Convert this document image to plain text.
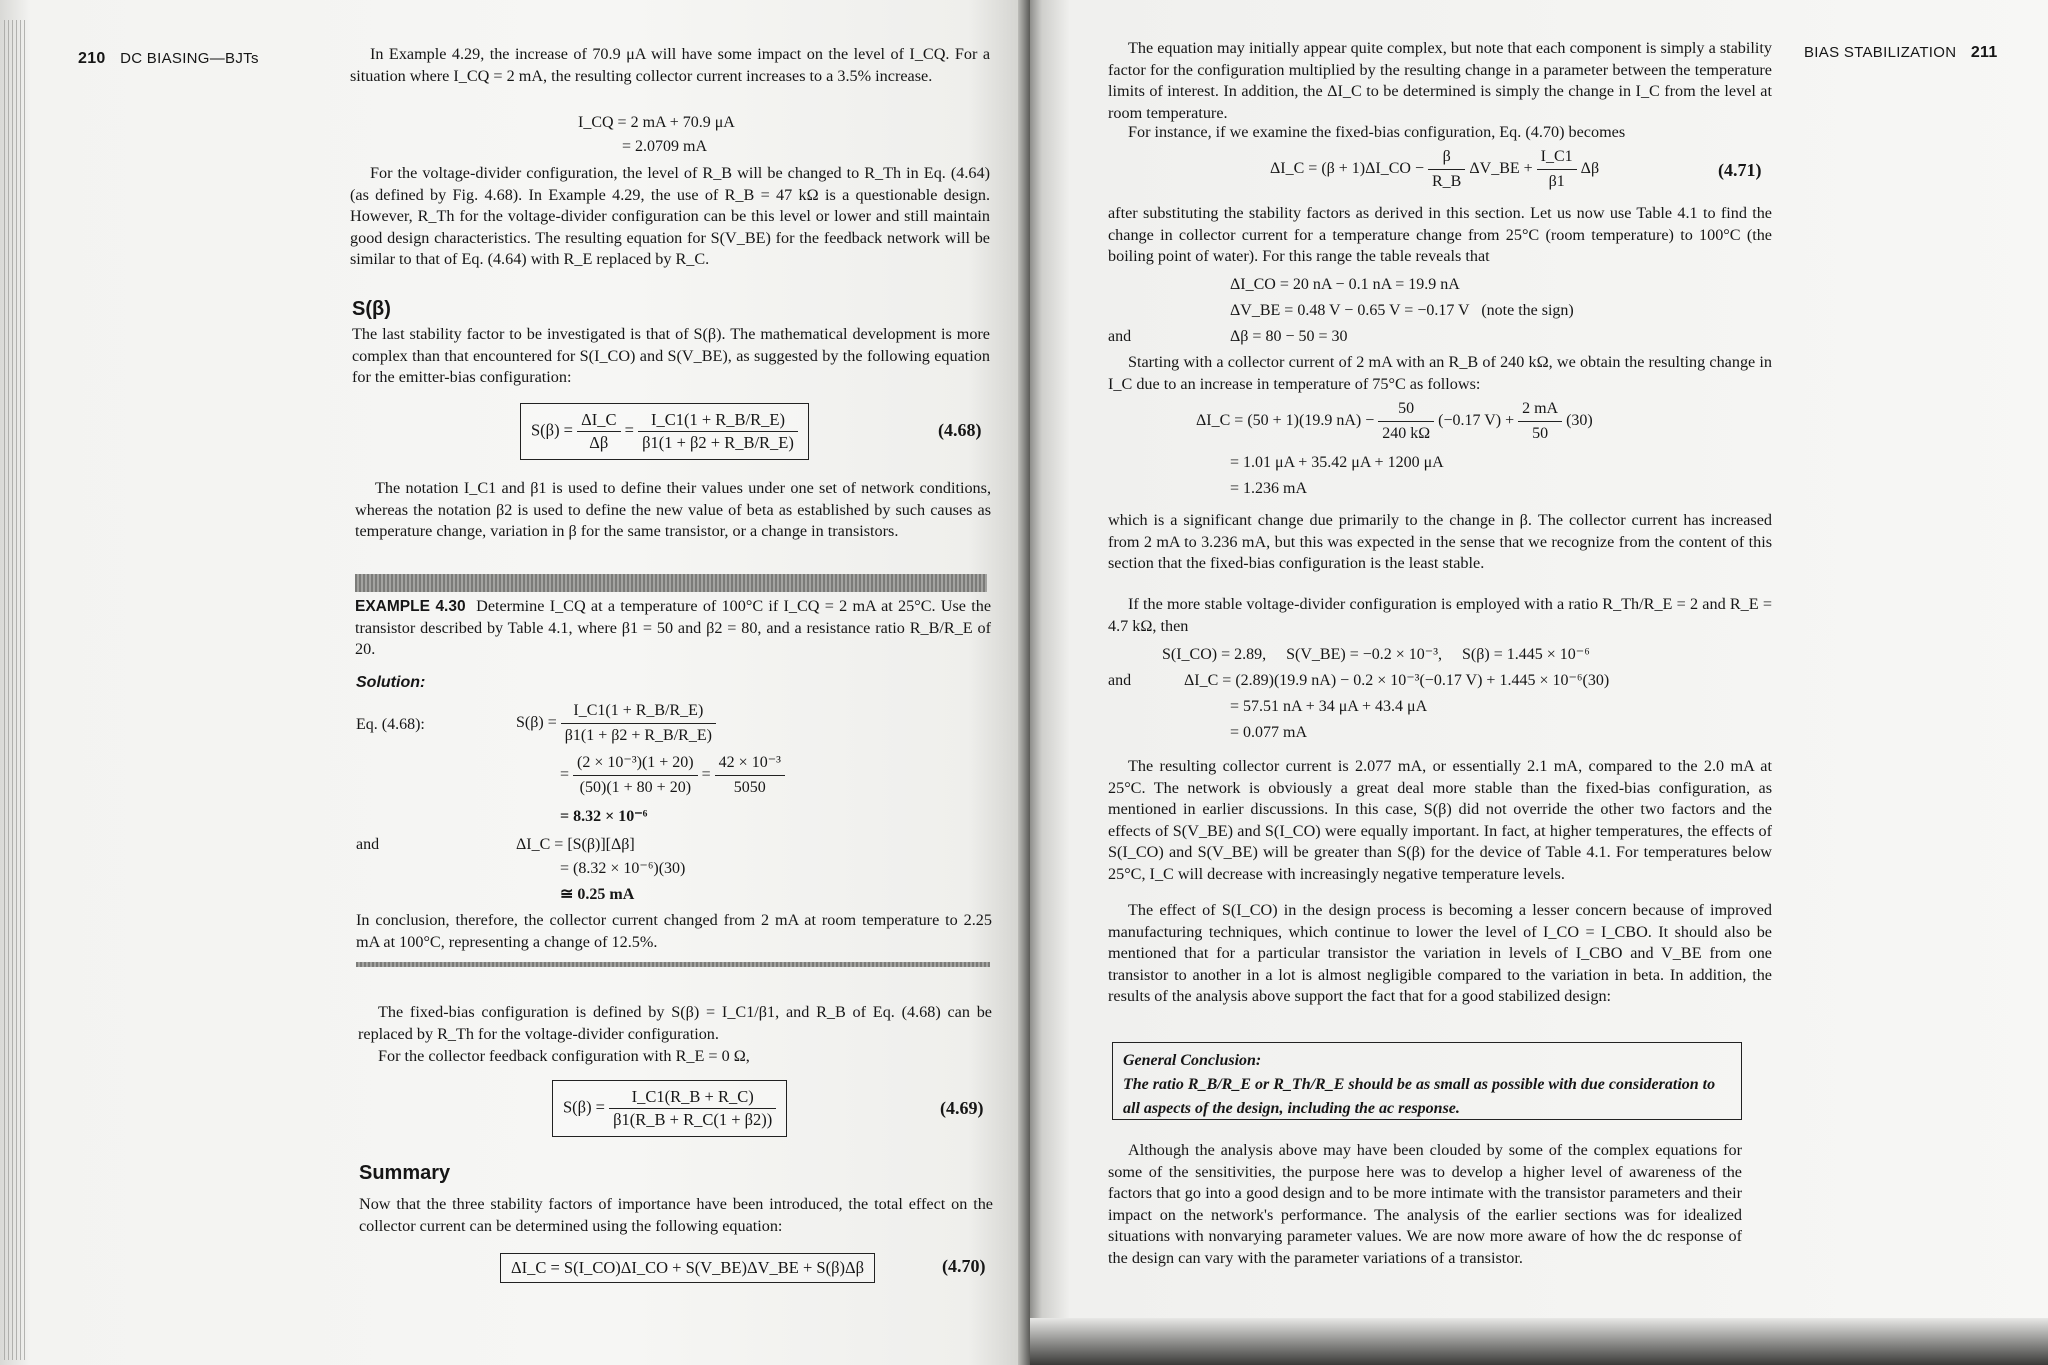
210 DC BIASING—BJTs	In Example 4.29, the increase of 70.9 μA will have some impact on the level of I_CQ. For a situation where I_CQ = 2 mA, the resulting collector current increases to a 3.5% increase.

I_CQ = 2 mA + 70.9 μA
= 2.0709 mA

For the voltage-divider configuration, the level of R_B will be changed to R_Th in Eq. (4.64) (as defined by Fig. 4.68). In Example 4.29, the use of R_B = 47 kΩ is a questionable design. However, R_Th for the voltage-divider configuration can be this level or lower and still maintain good design characteristics. The resulting equation for S(V_BE) for the feedback network will be similar to that of Eq. (4.64) with R_E replaced by R_C.

S(β)

The last stability factor to be investigated is that of S(β). The mathematical development is more complex than that encountered for S(I_CO) and S(V_BE), as suggested by the following equation for the emitter-bias configuration:

$S(\beta) = \frac{\Delta I\_C}{\Delta\beta} = \frac{I\_C1(1 + R\_B/R\_E)}{\beta 1(1 + \beta 2 + R\_B/R\_E)}$	(4.68)

The notation I_C1 and β1 is used to define their values under one set of network conditions, whereas the notation β2 is used to define the new value of beta as established by such causes as temperature change, variation in β for the same transistor, or a change in transistors.

EXAMPLE 4.30 Determine I_CQ at a temperature of 100°C if I_CQ = 2 mA at 25°C. Use the transistor described by Table 4.1, where β1 = 50 and β2 = 80, and a resistance ratio R_B/R_E of 20.

Solution:
Eq. (4.68):	$S(\beta) = \frac{I\_C1(1 + R\_B/R\_E)}{\beta 1(1 + \beta 2 + R\_B/R\_E)}$
= $\frac{\text{(2 × 10⁻³)(1 + 20)}}{(50)(1 + 80 + 20)} = \frac{\text{42 × 10⁻³}}{5050}$
= 8.32 × 10⁻⁶
and	ΔI_C = [S(β)][Δβ]
= (8.32 × 10⁻⁶)(30)
≅ 0.25 mA

In conclusion, therefore, the collector current changed from 2 mA at room temperature to 2.25 mA at 100°C, representing a change of 12.5%.

The fixed-bias configuration is defined by S(β) = I_C1/β1, and R_B of Eq. (4.68) can be replaced by R_Th for the voltage-divider configuration.

For the collector feedback configuration with R_E = 0 Ω,

$S(\beta) = \frac{I\_C1(R\_B + R\_C)}{\beta 1(R\_B + R\_C(1 + \beta 2))}$	(4.69)
Summary

Now that the three stability factors of importance have been introduced, the total effect on the collector current can be determined using the following equation:

ΔI_C = S(I_CO)ΔI_CO + S(V_BE)ΔV_BE + S(β)Δβ	(4.70)
BIAS STABILIZATION 211

The equation may initially appear quite complex, but note that each component is simply a stability factor for the configuration multiplied by the resulting change in a parameter between the temperature limits of interest. In addition, the ΔI_C to be determined is simply the change in I_C from the level at room temperature.

For instance, if we examine the fixed-bias configuration, Eq. (4.70) becomes

ΔI_C = (β + 1)ΔI_CO − $\frac{\beta}{R\_B}$ ΔV_BE + $\frac{I\_C1}{\beta 1}$ Δβ	(4.71)

after substituting the stability factors as derived in this section. Let us now use Table 4.1 to find the change in collector current for a temperature change from 25°C (room temperature) to 100°C (the boiling point of water). For this range the table reveals that

ΔI_CO = 20 nA − 0.1 nA = 19.9 nA
ΔV_BE = 0.48 V − 0.65 V = −0.17 V   (note the sign)
and	Δβ = 80 − 50 = 30

Starting with a collector current of 2 mA with an R_B of 240 kΩ, we obtain the resulting change in I_C due to an increase in temperature of 75°C as follows:

ΔI_C = (50 + 1)(19.9 $nA) - \frac{50}{240 k\Omega} (-0.17$ $V) + \frac{2 mA}{50} (30)$
= 1.01 μA + 35.42 μA + 1200 μA
= 1.236 mA

which is a significant change due primarily to the change in β. The collector current has increased from 2 mA to 3.236 mA, but this was expected in the sense that we recognize from the content of this section that the fixed-bias configuration is the least stable.

If the more stable voltage-divider configuration is employed with a ratio R_Th/R_E = 2 and R_E = 4.7 kΩ, then

S(I_CO) = 2.89,     S(V_BE) = −0.2 × 10⁻³,     S(β) = 1.445 × 10⁻⁶
and	ΔI_C = (2.89)(19.9 nA) − 0.2 × 10⁻³(−0.17 V) + 1.445 × 10⁻⁶(30)
= 57.51 nA + 34 μA + 43.4 μA
= 0.077 mA

The resulting collector current is 2.077 mA, or essentially 2.1 mA, compared to the 2.0 mA at 25°C. The network is obviously a great deal more stable than the fixed-bias configuration, as mentioned in earlier discussions. In this case, S(β) did not override the other two factors and the effects of S(V_BE) and S(I_CO) were equally important. In fact, at higher temperatures, the effects of S(I_CO) and S(V_BE) will be greater than S(β) for the device of Table 4.1. For temperatures below 25°C, I_C will decrease with increasingly negative temperature levels.

The effect of S(I_CO) in the design process is becoming a lesser concern because of improved manufacturing techniques, which continue to lower the level of I_CO = I_CBO. It should also be mentioned that for a particular transistor the variation in levels of I_CBO and V_BE from one transistor to another in a lot is almost negligible compared to the variation in beta. In addition, the results of the analysis above support the fact that for a good stabilized design:

General Conclusion:
The ratio R_B/R_E or R_Th/R_E should be as small as possible with due consideration to all aspects of the design, including the ac response.

Although the analysis above may have been clouded by some of the complex equations for some of the sensitivities, the purpose here was to develop a higher level of awareness of the factors that go into a good design and to be more intimate with the transistor parameters and their impact on the network's performance. The analysis of the earlier sections was for idealized situations with nonvarying parameter values. We are now more aware of how the dc response of the design can vary with the parameter variations of a transistor.
